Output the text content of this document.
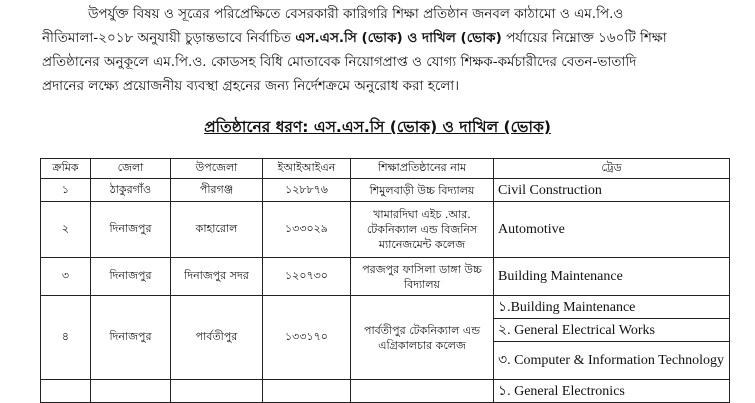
উপর্যুক্ত বিষয় ও সূত্রের পরিপ্রেক্ষিতে বেসরকারী কারিগরি শিক্ষা প্রতিষ্ঠান জনবল কাঠামো ও এম.পি.ও

নীতিমালা-২০১৮ অনুযায়ী চুড়ান্তভাবে নির্বাচিত এস.এস.সি (ভোক) ও দাখিল (ভোক) পর্যায়ের নিম্নোক্ত ১৬০টি শিক্ষা

প্রতিষ্ঠানের অনুকূলে এম.পি.ও. কোডসহ বিধি মোতাবেক নিয়োগপ্রাপ্ত ও যোগ্য শিক্ষক-কর্মচারীদের বেতন-ভাতাদি

প্রদানের লক্ষ্যে প্রয়োজনীয় ব্যবস্থা গ্রহনের জন্য নির্দেশক্রমে অনুরোধ করা হলো।

প্রতিষ্ঠানের ধরণ: এস.এস.সি (ভোক) ও দাখিল (ভোক)
ক্রমিক	জেলা	উপজেলা	ইআইআইএন	শিক্ষাপ্রতিষ্ঠানের নাম	ট্রেড
১	ঠাকুরগাঁও	পীরগঞ্জ	১২৮৮৭৬	শিমুলবাড়ী উচ্চ বিদ্যালয়	Civil Construction
২	দিনাজপুর	কাহারোল	১৩৩০২৯	খামারদিঘা এইচ .আর. টেকনিক্যাল এন্ড বিজনিস ম্যানেজমেন্ট কলেজ	Automotive
৩	দিনাজপুর	দিনাজপুর সদর	১২০৭৩০	পরজপুর ফাসিলা ডাঙ্গা উচ্চ বিদ্যালয়	Building Maintenance
৪	দিনাজপুর	পার্বতীপুর	১৩৩১৭০	পার্বতীপুর টেকনিক্যাল এন্ড এগ্রিকালচার কলেজ	১.Building Maintenance
					২. General Electrical Works
					৩. Computer & Information Technology
					১. General Electronics
